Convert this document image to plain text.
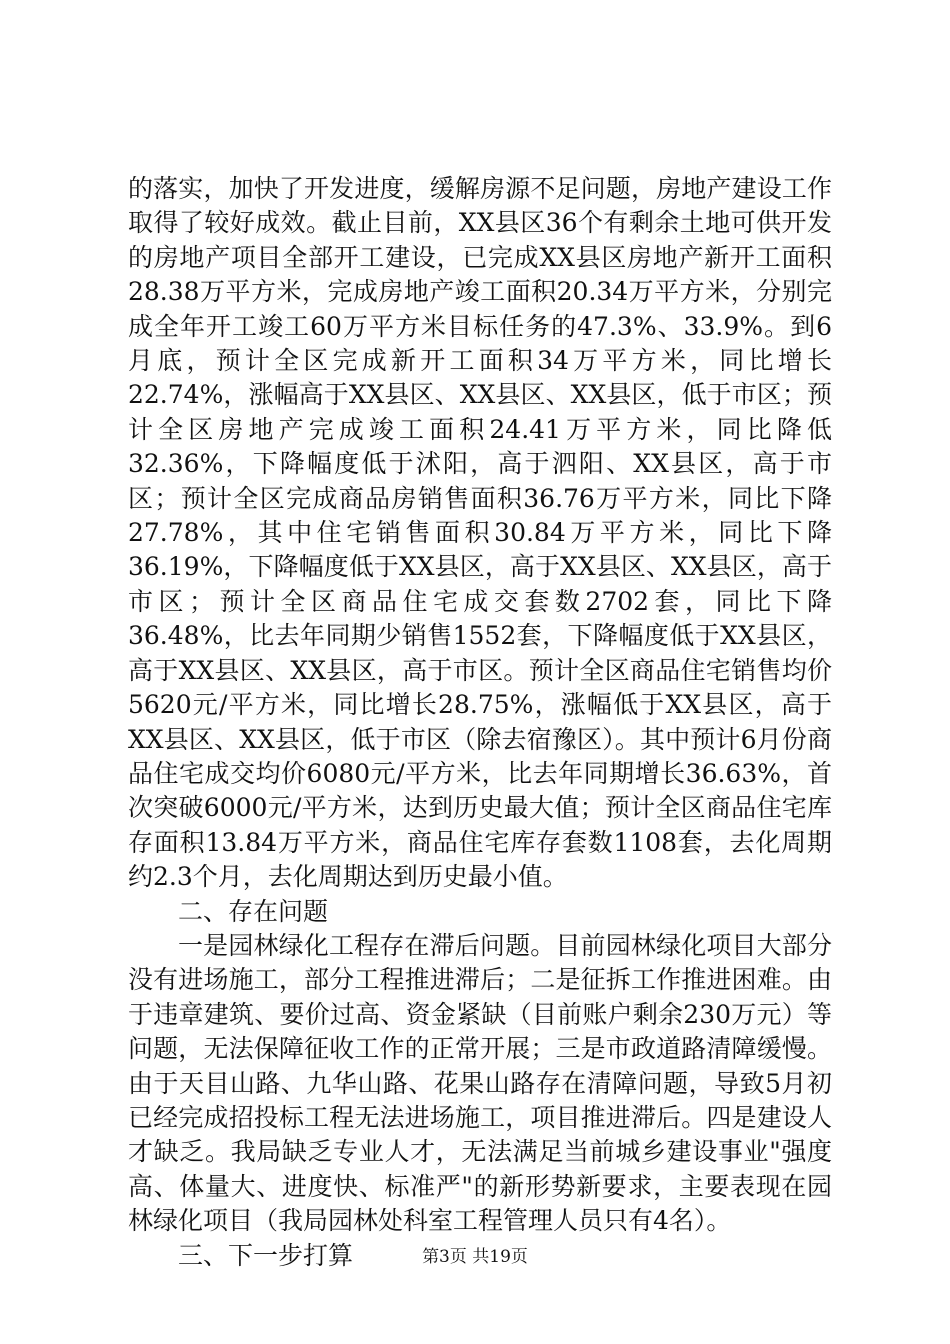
的落实，加快了开发进度，缓解房源不足问题，房地产建设工作取得了较好成效。截止目前，XX县区36个有剩余土地可供开发的房地产项目全部开工建设，已完成XX县区房地产新开工面积28.38万平方米，完成房地产竣工面积20.34万平方米，分别完成全年开工竣工60万平方米目标任务的47.3%、33.9%。到6月底，预计全区完成新开工面积34万平方米，同比增长22.74%，涨幅高于XX县区、XX县区、XX县区，低于市区；预计全区房地产完成竣工面积24.41万平方米，同比降低32.36%，下降幅度低于沭阳，高于泗阳、XX县区，高于市区；预计全区完成商品房销售面积36.76万平方米，同比下降27.78%，其中住宅销售面积30.84万平方米，同比下降36.19%，下降幅度低于XX县区，高于XX县区、XX县区，高于市区；预计全区商品住宅成交套数2702套，同比下降36.48%，比去年同期少销售1552套，下降幅度低于XX县区，高于XX县区、XX县区，高于市区。预计全区商品住宅销售均价5620元/平方米，同比增长28.75%，涨幅低于XX县区，高于XX县区、XX县区，低于市区（除去宿豫区）。其中预计6月份商品住宅成交均价6080元/平方米，比去年同期增长36.63%，首次突破6000元/平方米，达到历史最大值；预计全区商品住宅库存面积13.84万平方米，商品住宅库存套数1108套，去化周期约2.3个月，去化周期达到历史最小值。

二、存在问题

一是园林绿化工程存在滞后问题。目前园林绿化项目大部分没有进场施工，部分工程推进滞后；二是征拆工作推进困难。由于违章建筑、要价过高、资金紧缺（目前账户剩余230万元）等问题，无法保障征收工作的正常开展；三是市政道路清障缓慢。由于天目山路、九华山路、花果山路存在清障问题，导致5月初已经完成招投标工程无法进场施工，项目推进滞后。四是建设人才缺乏。我局缺乏专业人才，无法满足当前城乡建设事业"强度高、体量大、进度快、标准严"的新形势新要求，主要表现在园林绿化项目（我局园林处科室工程管理人员只有4名）。

三、下一步打算	第3页 共19页
